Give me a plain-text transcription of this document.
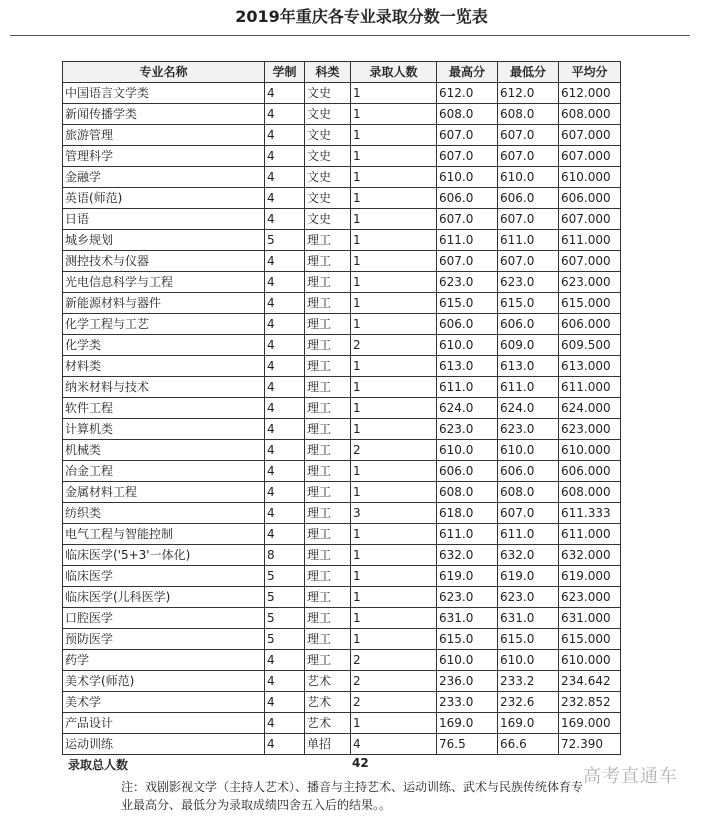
2019年重庆各专业录取分数一览表
专业名称	学制	科类	录取人数	最高分	最低分	平均分
中国语言文学类	4	文史	1	612.0	612.0	612.000
新闻传播学类	4	文史	1	608.0	608.0	608.000
旅游管理	4	文史	1	607.0	607.0	607.000
管理科学	4	文史	1	607.0	607.0	607.000
金融学	4	文史	1	610.0	610.0	610.000
英语(师范)	4	文史	1	606.0	606.0	606.000
日语	4	文史	1	607.0	607.0	607.000
城乡规划	5	理工	1	611.0	611.0	611.000
测控技术与仪器	4	理工	1	607.0	607.0	607.000
光电信息科学与工程	4	理工	1	623.0	623.0	623.000
新能源材料与器件	4	理工	1	615.0	615.0	615.000
化学工程与工艺	4	理工	1	606.0	606.0	606.000
化学类	4	理工	2	610.0	609.0	609.500
材料类	4	理工	1	613.0	613.0	613.000
纳米材料与技术	4	理工	1	611.0	611.0	611.000
软件工程	4	理工	1	624.0	624.0	624.000
计算机类	4	理工	1	623.0	623.0	623.000
机械类	4	理工	2	610.0	610.0	610.000
冶金工程	4	理工	1	606.0	606.0	606.000
金属材料工程	4	理工	1	608.0	608.0	608.000
纺织类	4	理工	3	618.0	607.0	611.333
电气工程与智能控制	4	理工	1	611.0	611.0	611.000
临床医学('5+3'一体化)	8	理工	1	632.0	632.0	632.000
临床医学	5	理工	1	619.0	619.0	619.000
临床医学(儿科医学)	5	理工	1	623.0	623.0	623.000
口腔医学	5	理工	1	631.0	631.0	631.000
预防医学	5	理工	1	615.0	615.0	615.000
药学	4	理工	2	610.0	610.0	610.000
美术学(师范)	4	艺术	2	236.0	233.2	234.642
美术学	4	艺术	2	233.0	232.6	232.852
产品设计	4	艺术	1	169.0	169.0	169.000
运动训练	4	单招	4	76.5	66.6	72.390
录取总人数	42
注：戏剧影视文学（主持人艺术）、播音与主持艺术、运动训练、武术与民族传统体育专业最高分、最低分为录取成绩四舍五入后的结果。。
高考直通车
